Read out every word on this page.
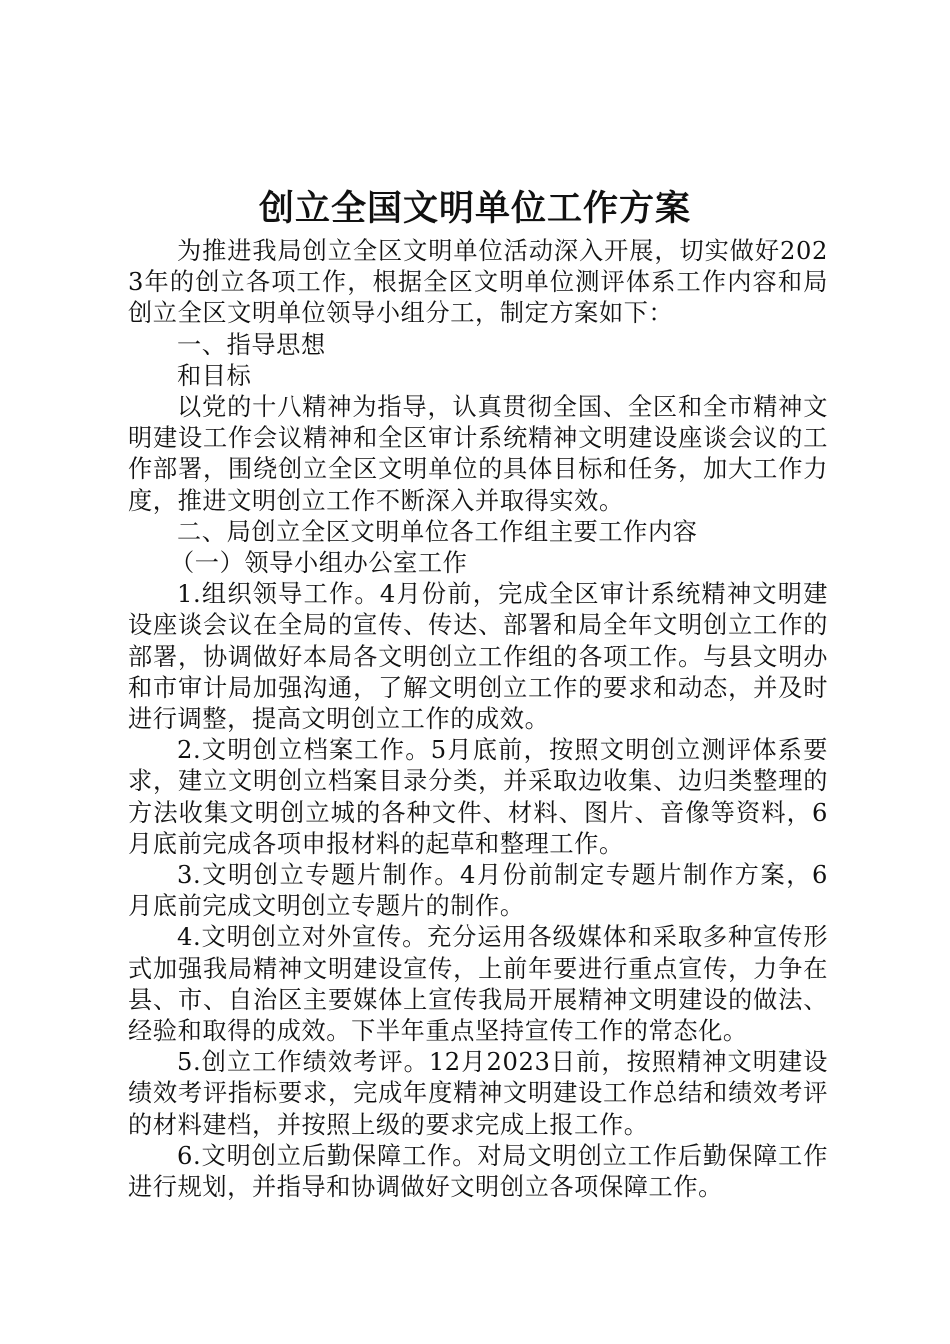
创立全国文明单位工作方案

为推进我局创立全区文明单位活动深入开展，切实做好2023年的创立各项工作，根据全区文明单位测评体系工作内容和局创立全区文明单位领导小组分工，制定方案如下：

一、指导思想

和目标

以党的十八精神为指导，认真贯彻全国、全区和全市精神文明建设工作会议精神和全区审计系统精神文明建设座谈会议的工作部署，围绕创立全区文明单位的具体目标和任务，加大工作力度，推进文明创立工作不断深入并取得实效。

二、局创立全区文明单位各工作组主要工作内容

（一）领导小组办公室工作

1.组织领导工作。4月份前，完成全区审计系统精神文明建设座谈会议在全局的宣传、传达、部署和局全年文明创立工作的部署，协调做好本局各文明创立工作组的各项工作。与县文明办和市审计局加强沟通，了解文明创立工作的要求和动态，并及时进行调整，提高文明创立工作的成效。

2.文明创立档案工作。5月底前，按照文明创立测评体系要求，建立文明创立档案目录分类，并采取边收集、边归类整理的方法收集文明创立城的各种文件、材料、图片、音像等资料，6月底前完成各项申报材料的起草和整理工作。

3.文明创立专题片制作。4月份前制定专题片制作方案，6月底前完成文明创立专题片的制作。

4.文明创立对外宣传。充分运用各级媒体和采取多种宣传形式加强我局精神文明建设宣传，上前年要进行重点宣传，力争在县、市、自治区主要媒体上宣传我局开展精神文明建设的做法、经验和取得的成效。下半年重点坚持宣传工作的常态化。

5.创立工作绩效考评。12月2023日前，按照精神文明建设绩效考评指标要求，完成年度精神文明建设工作总结和绩效考评的材料建档，并按照上级的要求完成上报工作。

6.文明创立后勤保障工作。对局文明创立工作后勤保障工作进行规划，并指导和协调做好文明创立各项保障工作。
